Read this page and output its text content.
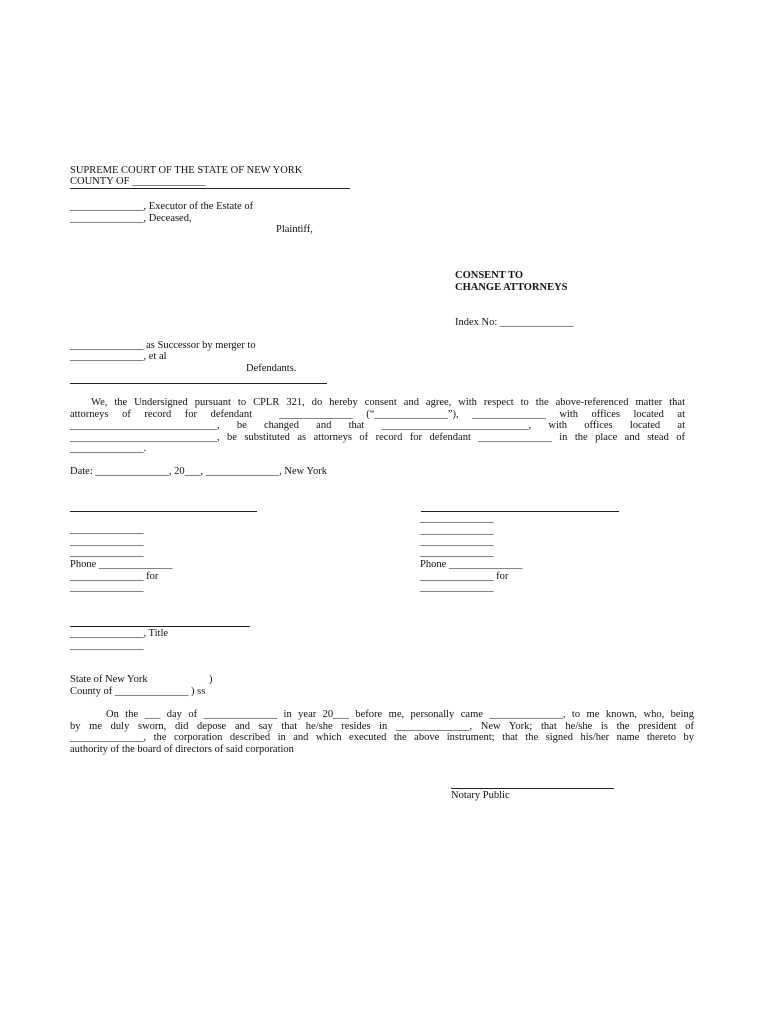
SUPREME COURT OF THE STATE OF NEW YORK
COUNTY OF ______________
______________, Executor of the Estate of
______________, Deceased,
Plaintiff,
CONSENT TO
CHANGE ATTORNEYS
Index No: ______________
______________ as Successor by merger to
______________, et al
Defendants.
We, the Undersigned pursuant to CPLR 321, do hereby consent and agree, with respect to the above-referenced matter that
attorneys of record for defendant  ______________ (“______________”), ______________ with offices located at
____________________________, be changed and that ____________________________, with offices located at
____________________________, be substituted as attorneys of record for defendant ______________ in the place and stead of
______________.
Date: ______________, 20___, ______________, New York
______________
______________
______________
Phone ______________
______________ for
______________
______________
______________
______________
______________
Phone ______________
______________ for
______________
______________, Title
______________
State of New York	)
County of ______________ ) ss
On the ___ day of ______________ in year 20___ before me, personally came ______________, to me known, who, being
by me duly sworn, did depose and say that he/she resides in ______________, New York; that he/she is the president of
______________, the corporation described in and which executed the above instrument; that the signed his/her name thereto by
authority of the board of directors of said corporation
Notary Public
